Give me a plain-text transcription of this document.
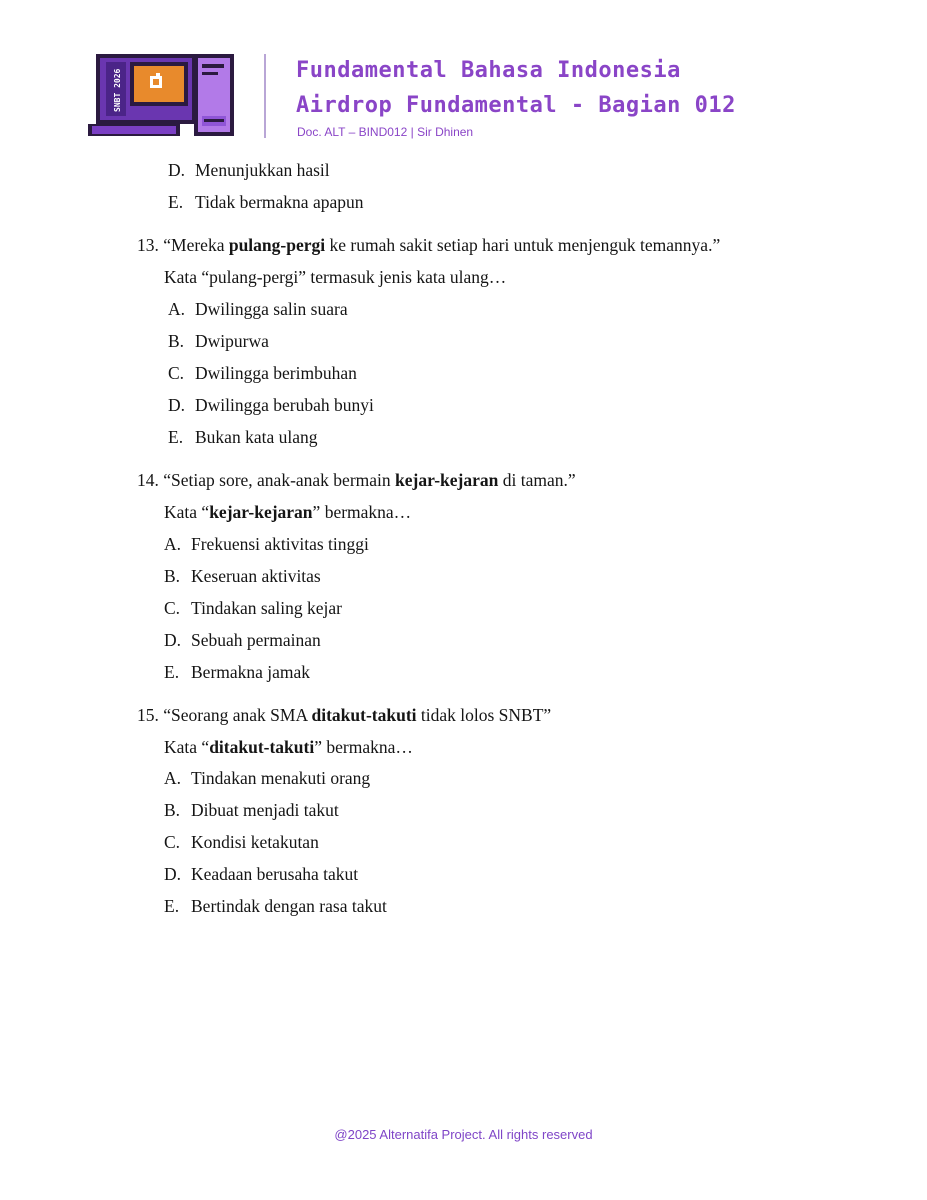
SNBT 2026	Fundamental Bahasa Indonesia
Airdrop Fundamental - Bagian 012
Doc. ALT – BIND012 | Sir Dhinen
D. Menunjukkan hasil
E. Tidak bermakna apapun
13. “Mereka pulang-pergi ke rumah sakit setiap hari untuk menjenguk temannya.”
Kata “pulang-pergi” termasuk jenis kata ulang…
A. Dwilingga salin suara
B. Dwipurwa
C. Dwilingga berimbuhan
D. Dwilingga berubah bunyi
E. Bukan kata ulang
14. “Setiap sore, anak-anak bermain kejar-kejaran di taman.”
Kata “kejar-kejaran” bermakna…
A. Frekuensi aktivitas tinggi
B. Keseruan aktivitas
C. Tindakan saling kejar
D. Sebuah permainan
E. Bermakna jamak
15. “Seorang anak SMA ditakut-takuti tidak lolos SNBT”
Kata “ditakut-takuti” bermakna…
A. Tindakan menakuti orang
B. Dibuat menjadi takut
C. Kondisi ketakutan
D. Keadaan berusaha takut
E. Bertindak dengan rasa takut
@2025 Alternatifa Project. All rights reserved
